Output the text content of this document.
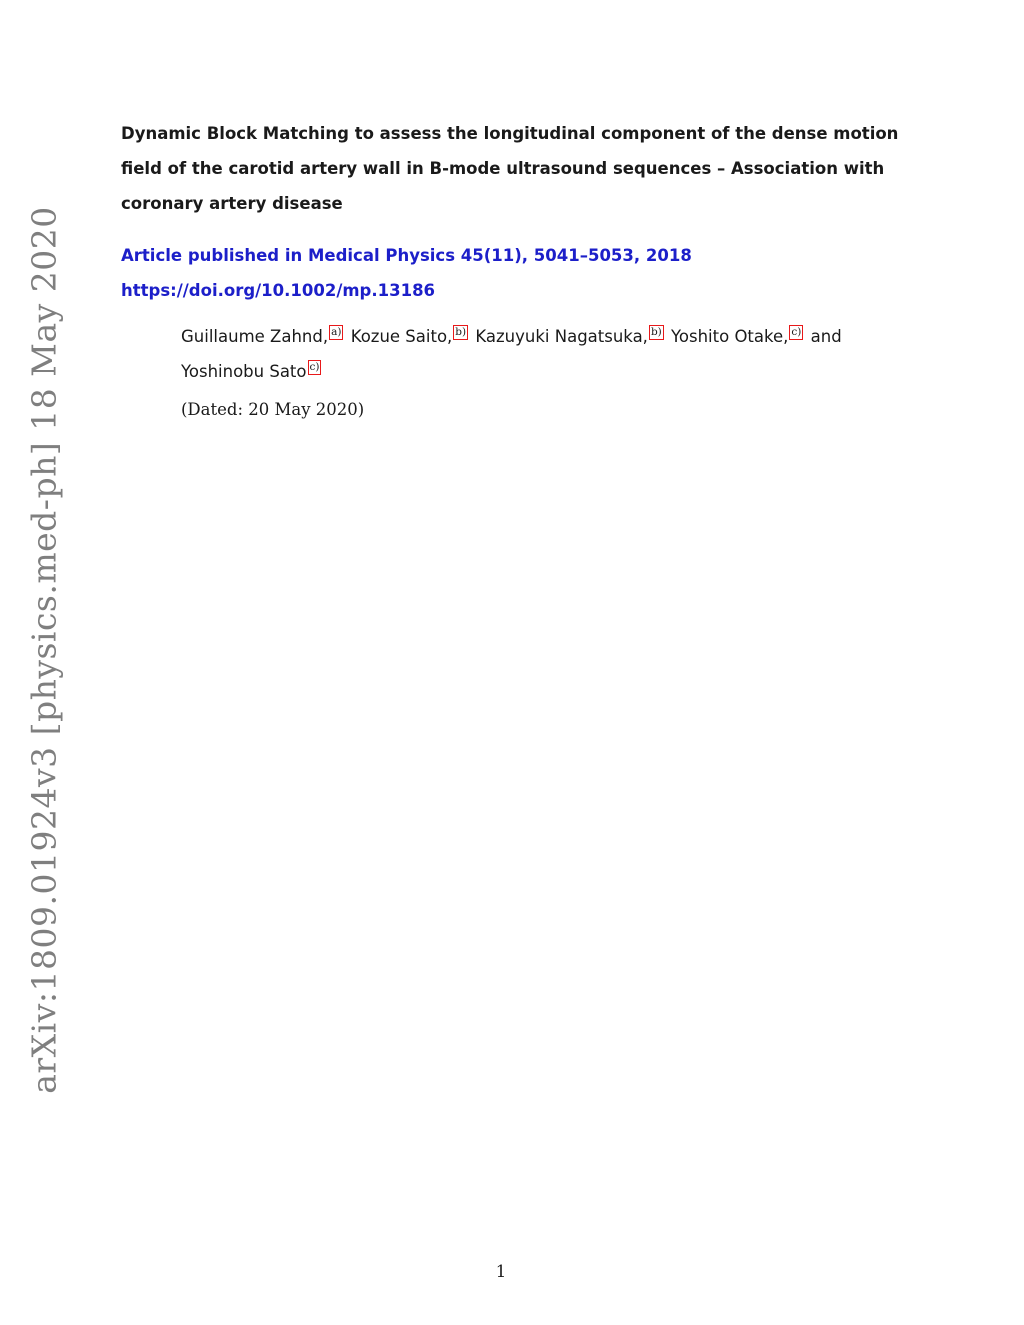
arXiv:1809.01924v3 [physics.med-ph] 18 May 2020
Dynamic Block Matching to assess the longitudinal component of the dense motion
field of the carotid artery wall in B-mode ultrasound sequences – Association with
coronary artery disease
Article published in Medical Physics 45(11), 5041–5053, 2018
https://doi.org/10.1002/mp.13186
Guillaume Zahnd, a) Kozue Saito, b) Kazuyuki Nagatsuka, b) Yoshito Otake, c) and
Yoshinobu Sato c)
(Dated: 20 May 2020)
1
